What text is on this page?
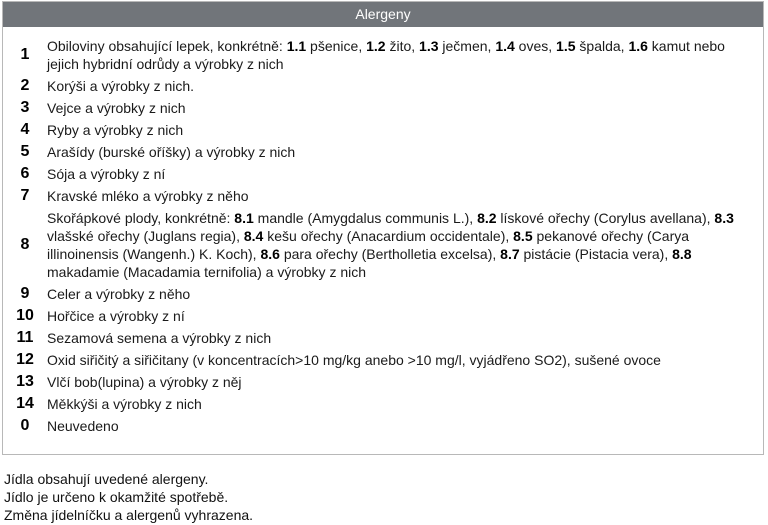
Alergeny
1	Obiloviny obsahující lepek, konkrétně: 1.1 pšenice, 1.2 žito, 1.3 ječmen, 1.4 oves, 1.5 špalda, 1.6 kamut nebo jejich hybridní odrůdy a výrobky z nich
2	Korýši a výrobky z nich.
3	Vejce a výrobky z nich
4	Ryby a výrobky z nich
5	Arašídy (burské oříšky) a výrobky z nich
6	Sója a výrobky z ní
7	Kravské mléko a výrobky z něho
8	Skořápkové plody, konkrétně: 8.1 mandle (Amygdalus communis L.), 8.2 lískové ořechy (Corylus avellana), 8.3 vlašské ořechy (Juglans regia), 8.4 kešu ořechy (Anacardium occidentale), 8.5 pekanové ořechy (Carya illinoinensis (Wangenh.) K. Koch), 8.6 para ořechy (Bertholletia excelsa), 8.7 pistácie (Pistacia vera), 8.8 makadamie (Macadamia ternifolia) a výrobky z nich
9	Celer a výrobky z něho
10	Hořčice a výrobky z ní
11	Sezamová semena a výrobky z nich
12	Oxid siřičitý a siřičitany (v koncentracích>10 mg/kg anebo >10 mg/l, vyjádřeno SO2), sušené ovoce
13	Vlčí bob(lupina) a výrobky z něj
14	Měkkýši a výrobky z nich
0	Neuvedeno
Jídla obsahují uvedené alergeny.
Jídlo je určeno k okamžité spotřebě.
Změna jídelníčku a alergenů vyhrazena.
